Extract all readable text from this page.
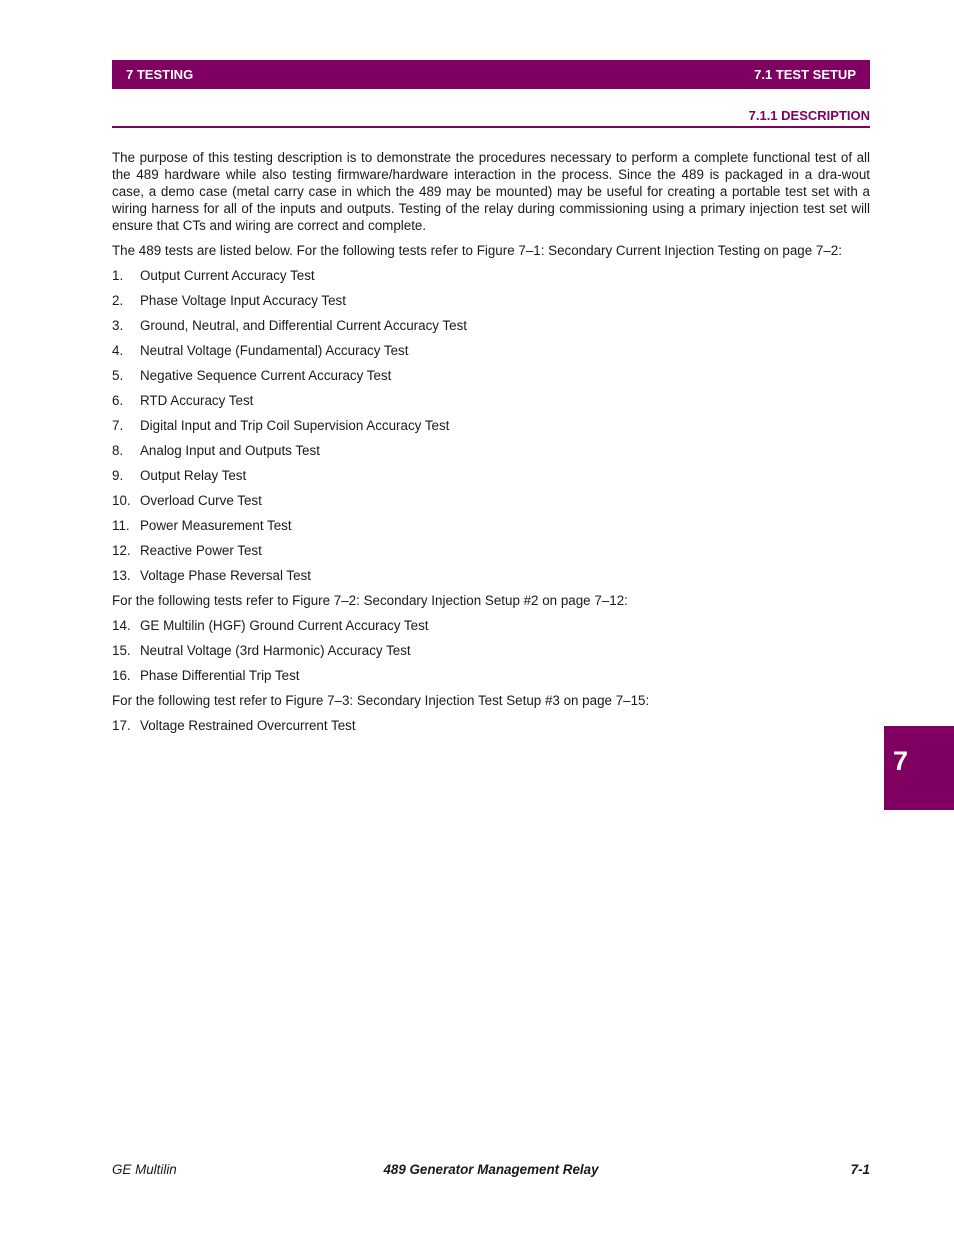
7 TESTING	7.1 TEST SETUP
7.1.1 DESCRIPTION

The purpose of this testing description is to demonstrate the procedures necessary to perform a complete functional test of all the 489 hardware while also testing firmware/hardware interaction in the process. Since the 489 is packaged in a dra-wout case, a demo case (metal carry case in which the 489 may be mounted) may be useful for creating a portable test set with a wiring harness for all of the inputs and outputs. Testing of the relay during commissioning using a primary injection test set will ensure that CTs and wiring are correct and complete.

The 489 tests are listed below. For the following tests refer to Figure 7–1: Secondary Current Injection Testing on page 7–2:

1.	Output Current Accuracy Test
2.	Phase Voltage Input Accuracy Test
3.	Ground, Neutral, and Differential Current Accuracy Test
4.	Neutral Voltage (Fundamental) Accuracy Test
5.	Negative Sequence Current Accuracy Test
6.	RTD Accuracy Test
7.	Digital Input and Trip Coil Supervision Accuracy Test
8.	Analog Input and Outputs Test
9.	Output Relay Test
10. Overload Curve Test
11. Power Measurement Test
12. Reactive Power Test
13. Voltage Phase Reversal Test

For the following tests refer to Figure 7–2: Secondary Injection Setup #2 on page 7–12:

14. GE Multilin (HGF) Ground Current Accuracy Test
15. Neutral Voltage (3rd Harmonic) Accuracy Test
16. Phase Differential Trip Test

For the following test refer to Figure 7–3: Secondary Injection Test Setup #3 on page 7–15:

17. Voltage Restrained Overcurrent Test
7
GE Multilin	489 Generator Management Relay	7-1
